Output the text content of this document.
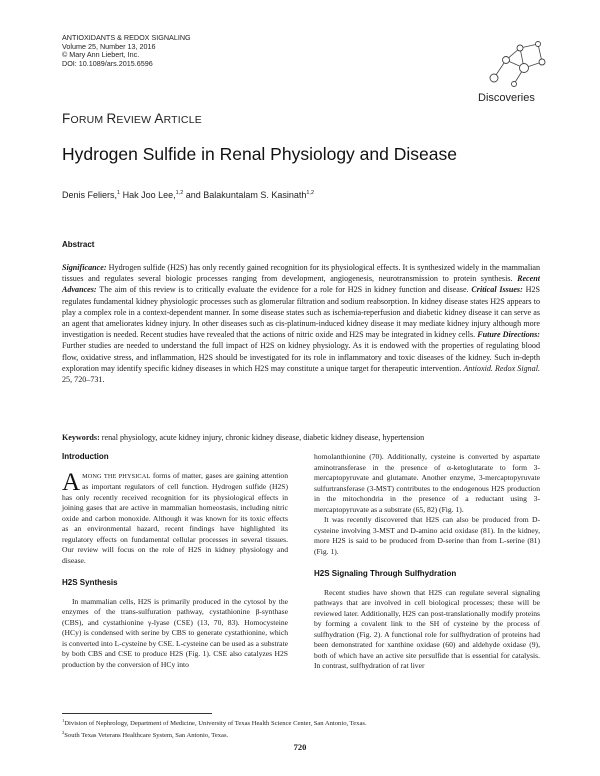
ANTIOXIDANTS & REDOX SIGNALING
Volume 25, Number 13, 2016
© Mary Ann Liebert, Inc.
DOI: 10.1089/ars.2015.6596
Discoveries
FORUM REVIEW ARTICLE
Hydrogen Sulfide in Renal Physiology and Disease
Denis Feliers,$^1$ Hak Joo Lee,$^{1,2}$ and Balakuntalam S. Kasinath$^{1,2}$
Abstract
Significance: Hydrogen sulfide (H2S) has only recently gained recognition for its physiological effects. It is synthesized widely in the mammalian tissues and regulates several biologic processes ranging from development, angiogenesis, neurotransmission to protein synthesis. Recent Advances: The aim of this review is to critically evaluate the evidence for a role for H2S in kidney function and disease. Critical Issues: H2S regulates fundamental kidney physiologic processes such as glomerular filtration and sodium reabsorption. In kidney disease states H2S appears to play a complex role in a context-dependent manner. In some disease states such as ischemia-reperfusion and diabetic kidney disease it can serve as an agent that ameliorates kidney injury. In other diseases such as cis-platinum-induced kidney disease it may mediate kidney injury although more investigation is needed. Recent studies have revealed that the actions of nitric oxide and H2S may be integrated in kidney cells. Future Directions: Further studies are needed to understand the full impact of H2S on kidney physiology. As it is endowed with the properties of regulating blood flow, oxidative stress, and inflammation, H2S should be investigated for its role in inflammatory and toxic diseases of the kidney. Such in-depth exploration may identify specific kidney diseases in which H2S may constitute a unique target for therapeutic intervention. Antioxid. Redox Signal. 25, 720–731.
Keywords: renal physiology, acute kidney injury, chronic kidney disease, diabetic kidney disease, hypertension
Introduction

AMONG THE PHYSICAL forms of matter, gases are gaining attention as important regulators of cell function. Hydrogen sulfide (H2S) has only recently received recognition for its physiological effects in joining gases that are active in mammalian homeostasis, including nitric oxide and carbon monoxide. Although it was known for its toxic effects as an environmental hazard, recent findings have highlighted its regulatory effects on fundamental cellular processes in several tissues. Our review will focus on the role of H2S in kidney physiology and disease.

H2S Synthesis

In mammalian cells, H2S is primarily produced in the cytosol by the enzymes of the trans-sulfuration pathway, cystathionine β-synthase (CBS), and cystathionine γ-lyase (CSE) (13, 70, 83). Homocysteine (HCy) is condensed with serine by CBS to generate cystathionine, which is converted into L-cysteine by CSE. L-cysteine can be used as a substrate by both CBS and CSE to produce H2S (Fig. 1). CSE also catalyzes H2S production by the conversion of HCy into

homolanthionine (70). Additionally, cysteine is converted by aspartate aminotransferase in the presence of α-ketoglutarate to form 3-mercaptopyruvate and glutamate. Another enzyme, 3-mercaptopyruvate sulfurtransferase (3-MST) contributes to the endogenous H2S production in the mitochondria in the presence of a reductant using 3-mercaptopyruvate as a substrate (65, 82) (Fig. 1).

It was recently discovered that H2S can also be produced from D-cysteine involving 3-MST and D-amino acid oxidase (81). In the kidney, more H2S is said to be produced from D-serine than from L-serine (81) (Fig. 1).

H2S Signaling Through Sulfhydration

Recent studies have shown that H2S can regulate several signaling pathways that are involved in cell biological processes; these will be reviewed later. Additionally, H2S can post-translationally modify proteins by forming a covalent link to the SH of cysteine by the process of sulfhydration (Fig. 2). A functional role for sulfhydration of proteins had been demonstrated for xanthine oxidase (60) and aldehyde oxidase (9), both of which have an active site persulfide that is essential for catalysis. In contrast, sulfhydration of rat liver

$^1$Division of Nephrology, Department of Medicine, University of Texas Health Science Center, San Antonio, Texas.
$^2$South Texas Veterans Healthcare System, San Antonio, Texas.
720
